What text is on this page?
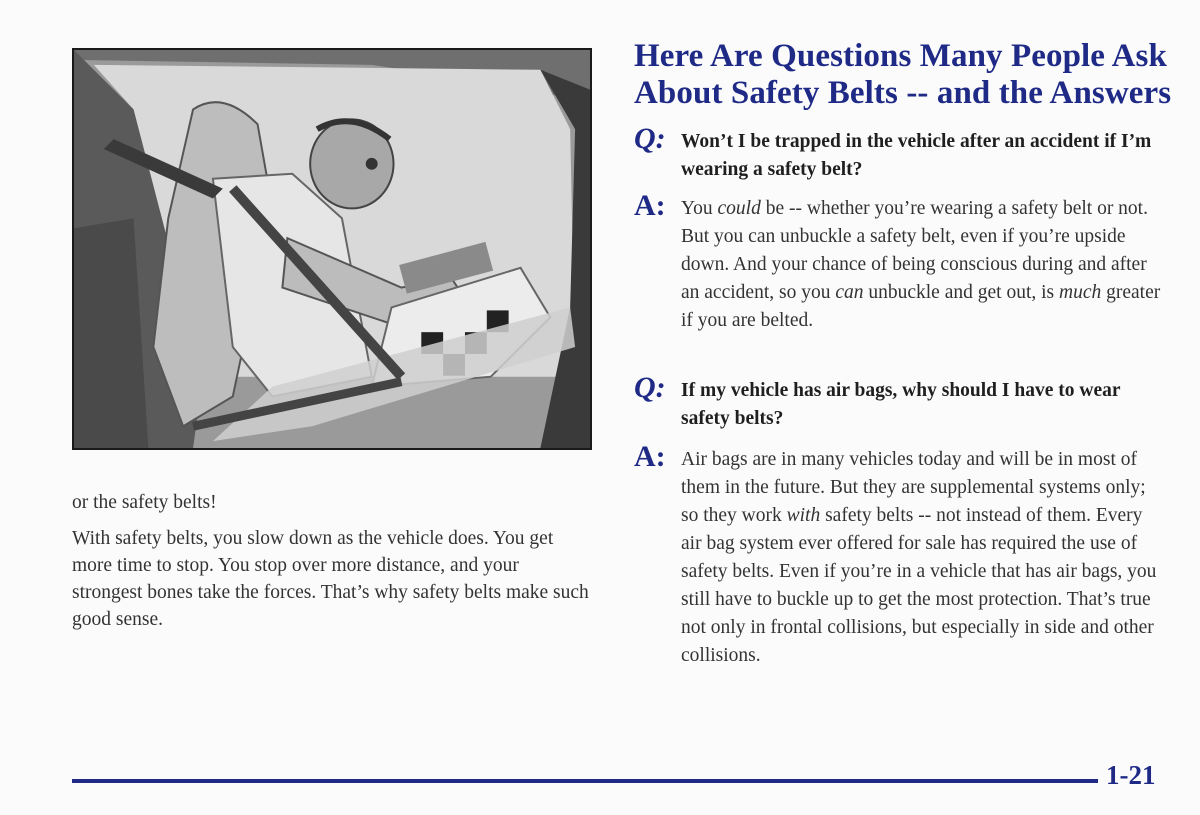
or the safety belts!

With safety belts, you slow down as the vehicle does. You get more time to stop. You stop over more distance, and your strongest bones take the forces. That’s why safety belts make such good sense.

Here Are Questions Many People Ask About Safety Belts -- and the Answers
Q: Won’t I be trapped in the vehicle after an accident if I’m wearing a safety belt?
A: You could be -- whether you’re wearing a safety belt or not. But you can unbuckle a safety belt, even if you’re upside down. And your chance of being conscious during and after an accident, so you can unbuckle and get out, is much greater if you are belted.
Q: If my vehicle has air bags, why should I have to wear safety belts?
A: Air bags are in many vehicles today and will be in most of them in the future. But they are supplemental systems only; so they work with safety belts -- not instead of them. Every air bag system ever offered for sale has required the use of safety belts. Even if you’re in a vehicle that has air bags, you still have to buckle up to get the most protection. That’s true not only in frontal collisions, but especially in side and other collisions.
1-21
